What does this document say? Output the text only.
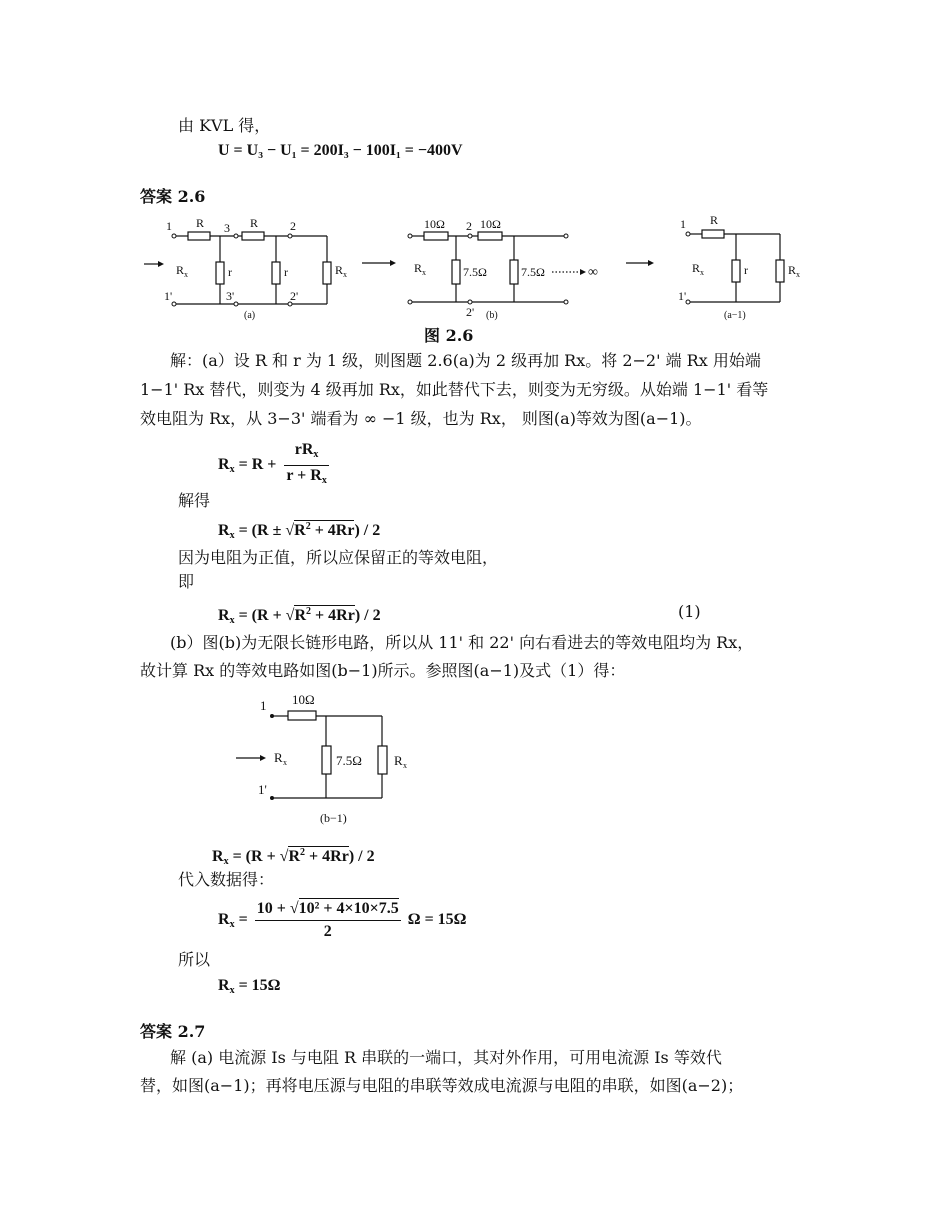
由 KVL 得，
U = U₃ − U₁ = 200I₃ − 100I₁ = −400V
答案 2.6
1 R 3 R	2
R x	r	r	R x
1'	3'	2'
(a)
10Ω 2 10Ω
R x	7.5Ω	7.5Ω	∞
2' (b)
1 R
R x	r	R x
1'
(a−1)
图 2.6
解：(a）设 R 和 r 为 1 级，则图题 2.6(a)为 2 级再加 Rx。将 2−2' 端 Rx 用始端
1−1' Rx 替代，则变为 4 级再加 Rx，如此替代下去，则变为无穷级。从始端 1−1' 看等
效电阻为 Rx，从 3−3' 端看为 ∞ −1 级，也为 Rx， 则图(a)等效为图(a−1)。
$R_x = R + \frac{rR_x}{r + R_x}$
解得
$R_x = (R \pm √R^2 + 4Rr) / 2$
因为电阻为正值，所以应保留正的等效电阻，
即
$R_x = (R + √R^2 + 4Rr) / 2$	(1)
(b）图(b)为无限长链形电路，所以从 11' 和 22' 向右看进去的等效电阻均为 Rx，
故计算 Rx 的等效电路如图(b−1)所示。参照图(a−1)及式（1）得：
1 10Ω
R x	7.5Ω R x
1'
(b−1)
$R_x = (R + √R^2 + 4Rr) / 2$
代入数据得：
$R_x = \frac{\text{10 + √10² + 4×10×7.5}}{2}$ Ω = 15Ω
所以
$R_x = 15\Omega$
答案 2.7
解 (a) 电流源 Is 与电阻 R 串联的一端口，其对外作用，可用电流源 Is 等效代
替，如图(a−1)；再将电压源与电阻的串联等效成电流源与电阻的串联，如图(a−2)；
